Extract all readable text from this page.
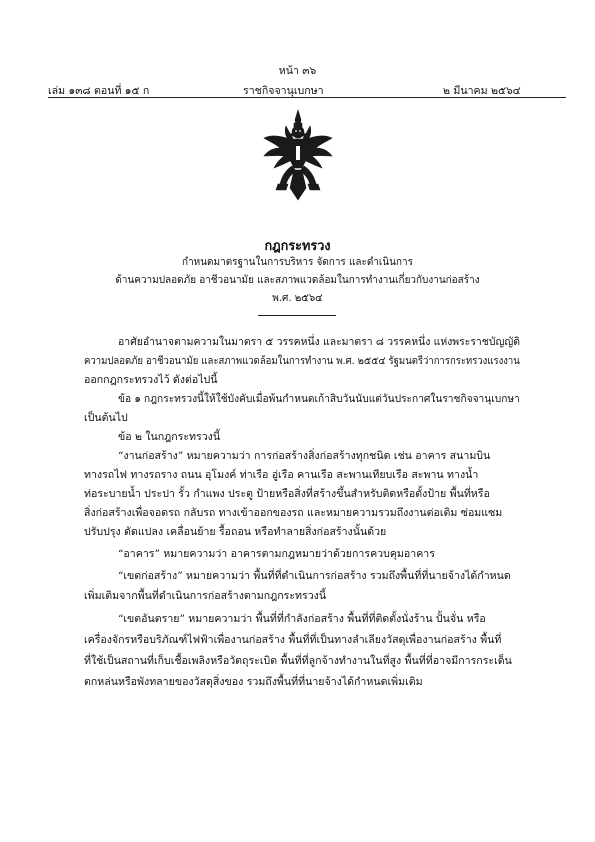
หน้า ๓๖
เล่ม ๑๓๘ ตอนที่ ๑๕ ก	ราชกิจจานุเบกษา	๒ มีนาคม ๒๕๖๔
กฎกระทรวง
กำหนดมาตรฐานในการบริหาร จัดการ และดำเนินการ
ด้านความปลอดภัย อาชีวอนามัย และสภาพแวดล้อมในการทำงานเกี่ยวกับงานก่อสร้าง
พ.ศ. ๒๕๖๔
อาศัยอำนาจตามความในมาตรา ๕ วรรคหนึ่ง และมาตรา ๘ วรรคหนึ่ง แห่งพระราชบัญญัติ
ความปลอดภัย อาชีวอนามัย และสภาพแวดล้อมในการทำงาน พ.ศ. ๒๕๕๔ รัฐมนตรีว่าการกระทรวงแรงงาน
ออกกฎกระทรวงไว้ ดังต่อไปนี้
ข้อ ๑ กฎกระทรวงนี้ให้ใช้บังคับเมื่อพ้นกำหนดเก้าสิบวันนับแต่วันประกาศในราชกิจจานุเบกษา
เป็นต้นไป
ข้อ ๒ ในกฎกระทรวงนี้
“งานก่อสร้าง” หมายความว่า การก่อสร้างสิ่งก่อสร้างทุกชนิด เช่น อาคาร สนามบิน
ทางรถไฟ ทางรถราง ถนน อุโมงค์ ท่าเรือ อู่เรือ คานเรือ สะพานเทียบเรือ สะพาน ทางน้ำ
ท่อระบายน้ำ ประปา รั้ว กำแพง ประตู ป้ายหรือสิ่งที่สร้างขึ้นสำหรับติดหรือตั้งป้าย พื้นที่หรือ
สิ่งก่อสร้างเพื่อจอดรถ กลับรถ ทางเข้าออกของรถ และหมายความรวมถึงงานต่อเติม ซ่อมแซม
ปรับปรุง ดัดแปลง เคลื่อนย้าย รื้อถอน หรือทำลายสิ่งก่อสร้างนั้นด้วย
“อาคาร” หมายความว่า อาคารตามกฎหมายว่าด้วยการควบคุมอาคาร
“เขตก่อสร้าง” หมายความว่า พื้นที่ที่ดำเนินการก่อสร้าง รวมถึงพื้นที่ที่นายจ้างได้กำหนด
เพิ่มเติมจากพื้นที่ดำเนินการก่อสร้างตามกฎกระทรวงนี้
“เขตอันตราย” หมายความว่า พื้นที่ที่กำลังก่อสร้าง พื้นที่ที่ติดตั้งนั่งร้าน ปั้นจั่น หรือ
เครื่องจักรหรือบริภัณฑ์ไฟฟ้าเพื่องานก่อสร้าง พื้นที่ที่เป็นทางลำเลียงวัสดุเพื่องานก่อสร้าง พื้นที่
ที่ใช้เป็นสถานที่เก็บเชื้อเพลิงหรือวัตถุระเบิด พื้นที่ที่ลูกจ้างทำงานในที่สูง พื้นที่ที่อาจมีการกระเด็น
ตกหล่นหรือพังทลายของวัสดุสิ่งของ รวมถึงพื้นที่ที่นายจ้างได้กำหนดเพิ่มเติม
